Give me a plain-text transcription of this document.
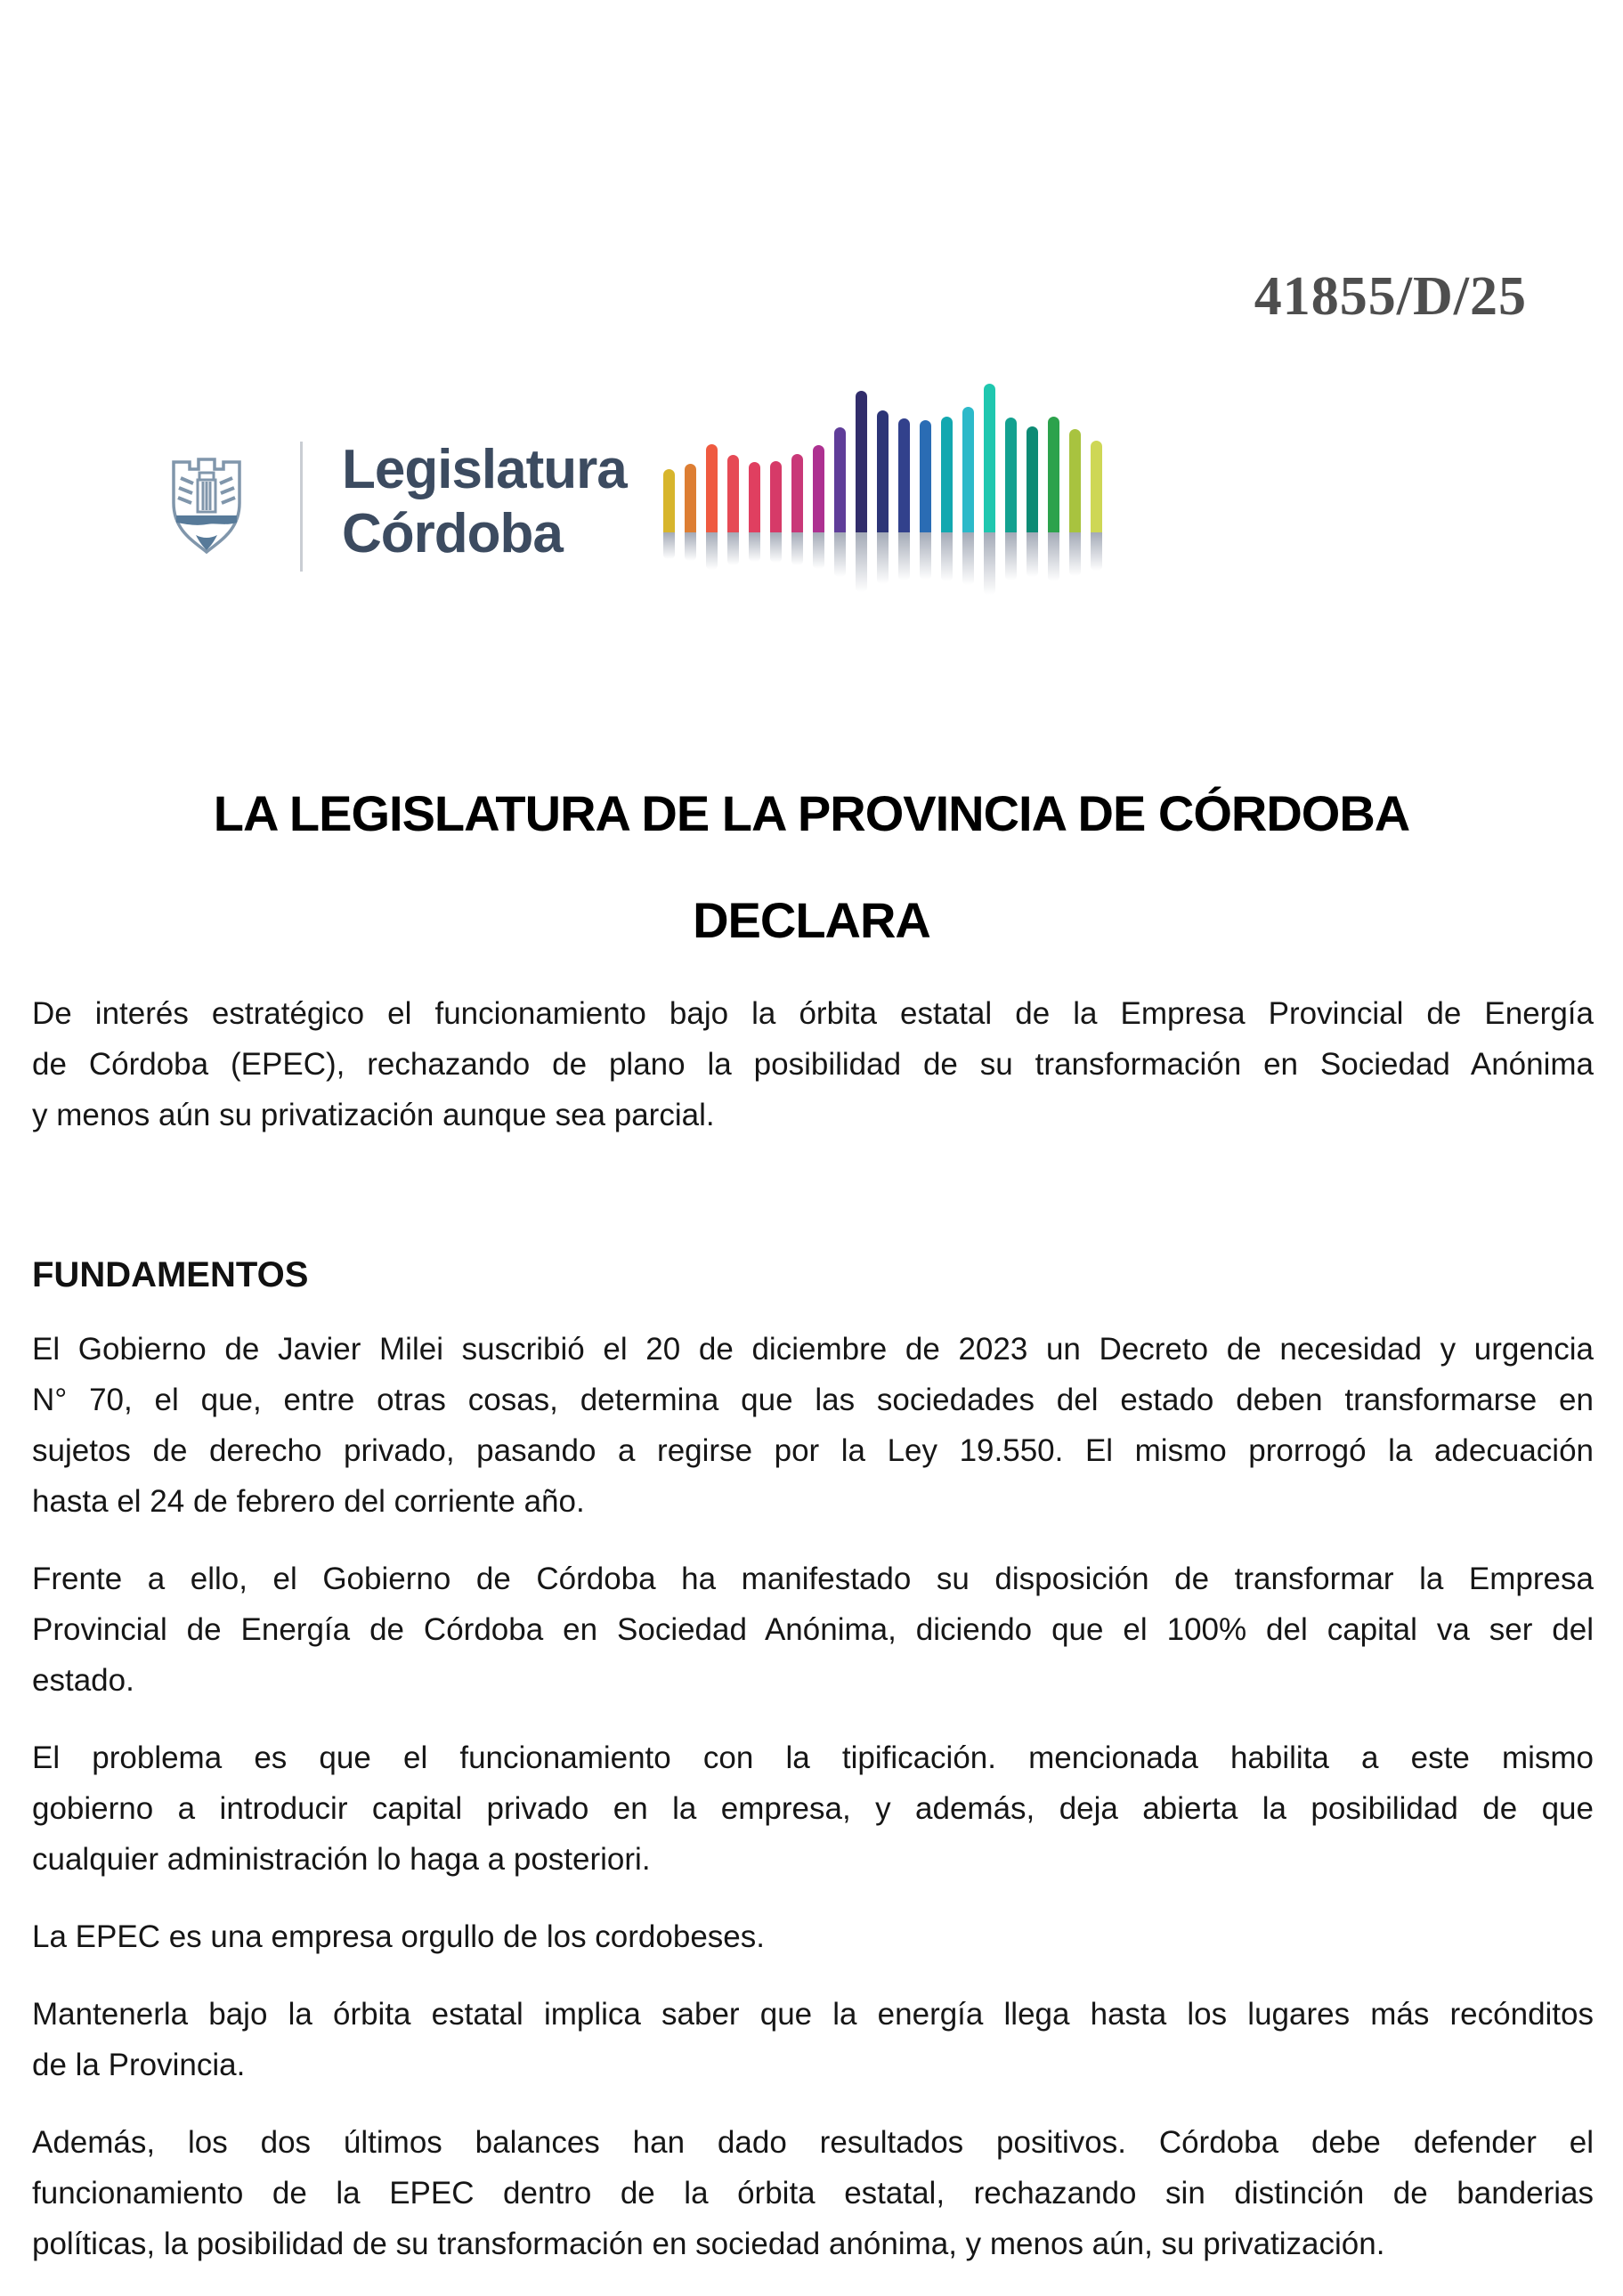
41855/D/25
Legislatura
Córdoba
LA LEGISLATURA DE LA PROVINCIA DE CÓRDOBA
DECLARA
De interés estratégico el funcionamiento bajo la órbita estatal de la Empresa Provincial de Energía
de Córdoba (EPEC), rechazando de plano la posibilidad de su transformación en Sociedad Anónima
y menos aún su privatización aunque sea parcial.
FUNDAMENTOS
El Gobierno de Javier Milei suscribió el 20 de diciembre de 2023 un Decreto de necesidad y urgencia
N° 70, el que, entre otras cosas, determina que las sociedades del estado deben transformarse en
sujetos de derecho privado, pasando a regirse por la Ley 19.550. El mismo prorrogó la adecuación
hasta el 24 de febrero del corriente año.
Frente a ello, el Gobierno de Córdoba ha manifestado su disposición de transformar la Empresa
Provincial de Energía de Córdoba en Sociedad Anónima, diciendo que el 100% del capital va ser del
estado.
El problema es que el funcionamiento con la tipificación. mencionada habilita a este mismo
gobierno a introducir capital privado en la empresa, y además, deja abierta la posibilidad de que
cualquier administración lo haga a posteriori.
La EPEC es una empresa orgullo de los cordobeses.
Mantenerla bajo la órbita estatal implica saber que la energía llega hasta los lugares más recónditos
de la Provincia.
Además, los dos últimos balances han dado resultados positivos. Córdoba debe defender el
funcionamiento de la EPEC dentro de la órbita estatal, rechazando sin distinción de banderias
políticas, la posibilidad de su transformación en sociedad anónima, y menos aún, su privatización.
